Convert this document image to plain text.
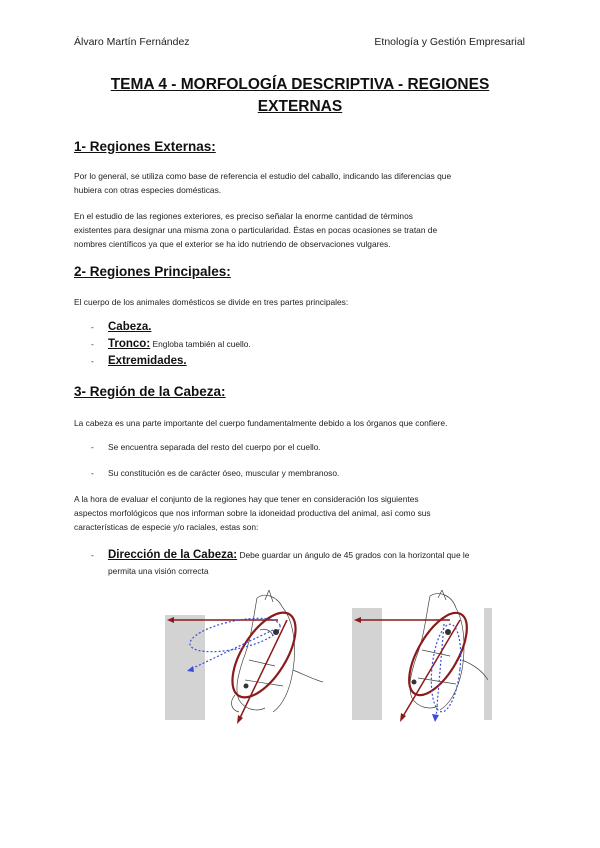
Álvaro Martín Fernández	Etnología y Gestión Empresarial
TEMA 4 - MORFOLOGÍA DESCRIPTIVA - REGIONES
EXTERNAS
1- Regiones Externas:
Por lo general, se utiliza como base de referencia el estudio del caballo, indicando las diferencias que
hubiera con otras especies domésticas.
En el estudio de las regiones exteriores, es preciso señalar la enorme cantidad de términos
existentes para designar una misma zona o particularidad. Éstas en pocas ocasiones se tratan de
nombres científicos ya que el exterior se ha ido nutriendo de observaciones vulgares.
2- Regiones Principales:
El cuerpo de los animales domésticos se divide en tres partes principales:
- Cabeza.
- Tronco: Engloba también al cuello.
- Extremidades.
3- Región de la Cabeza:
La cabeza es una parte importante del cuerpo fundamentalmente debido a los órganos que confiere.
- Se encuentra separada del resto del cuerpo por el cuello.
- Su constitución es de carácter óseo, muscular y membranoso.
A la hora de evaluar el conjunto de la regiones hay que tener en consideración los siguientes
aspectos morfológicos que nos informan sobre la idoneidad productiva del animal, así como sus
características de especie y/o raciales, estas son:
- Dirección de la Cabeza: Debe guardar un ángulo de 45 grados con la horizontal que le
permita una visión correcta
